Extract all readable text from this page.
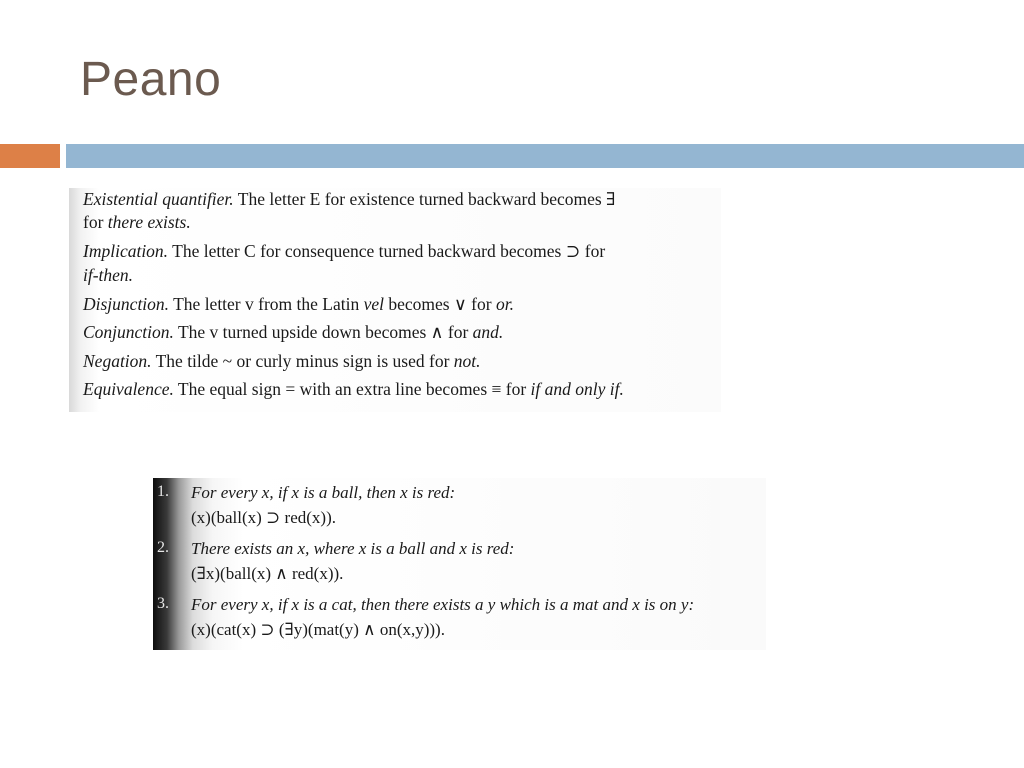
Peano
Existential quantifier. The letter E for existence turned backward becomes ∃
for there exists.
Implication. The letter C for consequence turned backward becomes ⊃ for
if-then.
Disjunction. The letter v from the Latin vel becomes ∨ for or.
Conjunction. The v turned upside down becomes ∧ for and.
Negation. The tilde ~ or curly minus sign is used for not.
Equivalence. The equal sign = with an extra line becomes ≡ for if and only if.
1. For every x, if x is a ball, then x is red:
(x)(ball(x) ⊃ red(x)).
2. There exists an x, where x is a ball and x is red:
(∃x)(ball(x) ∧ red(x)).
3. For every x, if x is a cat, then there exists a y which is a mat and x is on y:
(x)(cat(x) ⊃ (∃y)(mat(y) ∧ on(x,y))).
